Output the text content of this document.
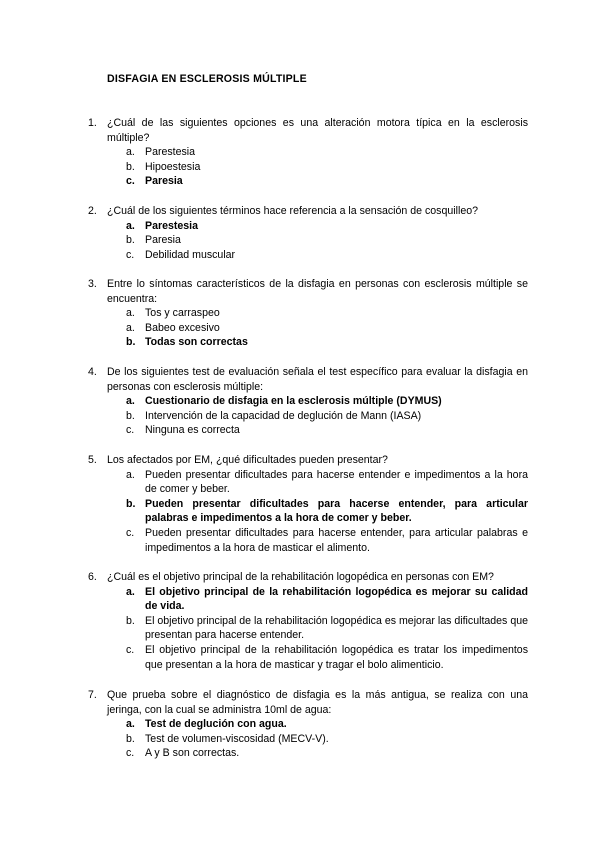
DISFAGIA EN ESCLEROSIS MÚLTIPLE
1. ¿Cuál de las siguientes opciones es una alteración motora típica en la esclerosis múltiple?
a. Parestesia
b. Hipoestesia
c. Paresia
2. ¿Cuál de los siguientes términos hace referencia a la sensación de cosquilleo?
a. Parestesia
b. Paresia
c. Debilidad muscular
3. Entre lo síntomas característicos de la disfagia en personas con esclerosis múltiple se encuentra:
a. Tos y carraspeo
a. Babeo excesivo
b. Todas son correctas
4. De los siguientes test de evaluación señala el test específico para evaluar la disfagia en personas con esclerosis múltiple:
a. Cuestionario de disfagia en la esclerosis múltiple (DYMUS)
b. Intervención de la capacidad de deglución de Mann (IASA)
c. Ninguna es correcta
5. Los afectados por EM, ¿qué dificultades pueden presentar?
a. Pueden presentar dificultades para hacerse entender e impedimentos a la hora de comer y beber.
b. Pueden presentar dificultades para hacerse entender, para articular palabras e impedimentos a la hora de comer y beber.
c. Pueden presentar dificultades para hacerse entender, para articular palabras e impedimentos a la hora de masticar el alimento.
6. ¿Cuál es el objetivo principal de la rehabilitación logopédica en personas con EM?
a. El objetivo principal de la rehabilitación logopédica es mejorar su calidad de vida.
b. El objetivo principal de la rehabilitación logopédica es mejorar las dificultades que presentan para hacerse entender.
c. El objetivo principal de la rehabilitación logopédica es tratar los impedimentos que presentan a la hora de masticar y tragar el bolo alimenticio.
7. Que prueba sobre el diagnóstico de disfagia es la más antigua, se realiza con una jeringa, con la cual se administra 10ml de agua:
a. Test de deglución con agua.
b. Test de volumen-viscosidad (MECV-V).
c. A y B son correctas.
